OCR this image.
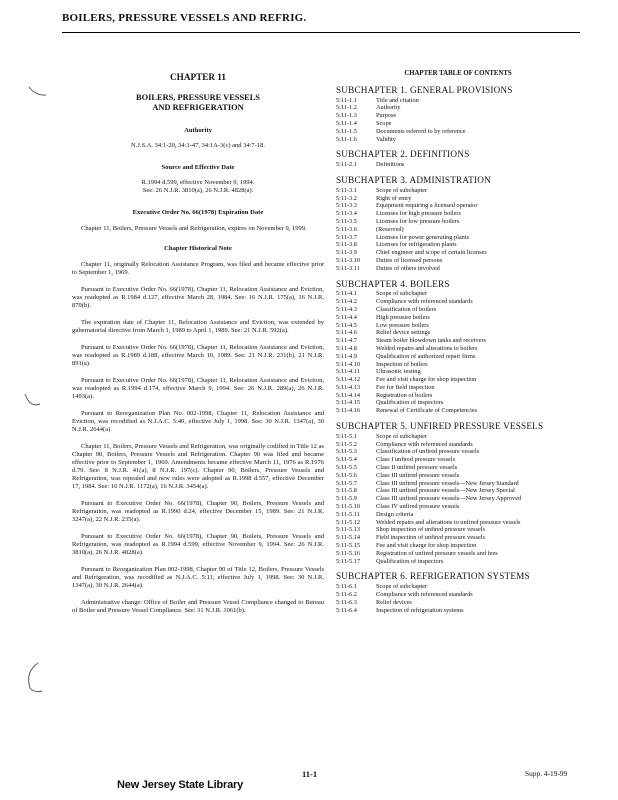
BOILERS, PRESSURE VESSELS AND REFRIG.
CHAPTER 11
BOILERS, PRESSURE VESSELS
AND REFRIGERATION
Authority
N.J.S.A. 34:1-20, 34:1-47, 34:1A-3(c) and 34:7-18.
Source and Effective Date
R.1994 d.599, effective November 9, 1994.
See: 26 N.J.R. 3810(a), 26 N.J.R. 4828(a).
Executive Order No. 66(1978) Expiration Date

Chapter 11, Boilers, Pressure Vessels and Refrigeration, expires on November 9, 1999.

Chapter Historical Note

Chapter 11, originally Relocation Assistance Program, was filed and became effective prior to September 1, 1969.

Pursuant to Executive Order No. 66(1978), Chapter 11, Relocation Assistance and Eviction, was readopted as R.1984 d.127, effective March 28, 1984. See: 16 N.J.R. 175(a), 16 N.J.R. 870(b).

The expiration date of Chapter 11, Relocation Assistance and Eviction, was extended by gubernatorial directive from March 1, 1989 to April 1, 1989. See: 21 N.J.R. 592(a).

Pursuant to Executive Order No. 66(1978), Chapter 11, Relocation Assistance and Eviction, was readopted as R.1989 d.188, effective March 10, 1989. See: 21 N.J.R. 231(b), 21 N.J.R. 891(a).

Pursuant to Executive Order No. 66(1978), Chapter 11, Relocation Assistance and Eviction, was readopted as R.1994 d.174, effective March 9, 1994. See: 26 N.J.R. 289(a), 26 N.J.R. 1493(a).

Pursuant to Reorganization Plan No. 002-1998, Chapter 11, Relocation Assistance and Eviction, was recodified as N.J.A.C. 5:40, effective July 1, 1998. See: 30 N.J.R. 1347(a), 30 N.J.R. 2644(a).

Chapter 11, Boilers, Pressure Vessels and Refrigeration, was originally codified in Title 12 as Chapter 90, Boilers, Pressure Vessels and Refrigeration. Chapter 90 was filed and became effective prior to September 1, 1969. Amendments became effective March 11, 1976 as R.1976 d.79. See: 8 N.J.R. 41(a), 8 N.J.R. 197(c). Chapter 90, Boilers, Pressure Vessels and Refrigeration, was repealed and new rules were adopted as R.1998 d.557, effective December 17, 1984. See: 16 N.J.R. 1172(a), 16 N.J.R. 3454(a).

Pursuant to Executive Order No. 66(1978), Chapter 90, Boilers, Pressure Vessels and Refrigeration, was readopted as R.1990 d.24, effective December 15, 1989. See: 21 N.J.R. 3247(a), 22 N.J.R. 235(a).

Pursuant to Executive Order No. 66(1978), Chapter 90, Boilers, Pressure Vessels and Refrigeration, was readopted as R.1994 d.599, effective November 9, 1994. See: 26 N.J.R. 3810(a), 26 N.J.R. 4828(a).

Pursuant to Reorganization Plan 002-1998, Chapter 90 of Title 12, Boilers, Pressure Vessels and Refrigeration, was recodified as N.J.A.C. 5:11, effective July 1, 1998. See: 30 N.J.R. 1347(a), 30 N.J.R. 2644(a).

Administrative change: Office of Boiler and Pressure Vessel Compliance changed to Bureau of Boiler and Pressure Vessel Compliance. See: 31 N.J.R. 1061(b).

CHAPTER TABLE OF CONTENTS
SUBCHAPTER 1. GENERAL PROVISIONS
5:11-1.1	Title and citation
5:11-1.2	Authority
5:11-1.3	Purpose
5:11-1.4	Scope
5:11-1.5	Documents referred to by reference
5:11-1.6	Validity
SUBCHAPTER 2. DEFINITIONS
5:11-2.1	Definitions
SUBCHAPTER 3. ADMINISTRATION
5:11-3.1	Scope of subchapter
5:11-3.2	Right of entry
5:11-3.3	Equipment requiring a licensed operator
5:11-3.4	Licenses for high pressure boilers
5:11-3.5	Licenses for low pressure boilers
5:11-3.6	(Reserved)
5:11-3.7	Licenses for power generating plants
5:11-3.8	Licenses for refrigeration plants
5:11-3.9	Chief engineer and scope of certain licenses
5:11-3.10	Duties of licensed persons
5:11-3.11	Duties of others involved
SUBCHAPTER 4. BOILERS
5:11-4.1	Scope of subchapter
5:11-4.2	Compliance with referenced standards
5:11-4.3	Classification of boilers
5:11-4.4	High pressure boilers
5:11-4.5	Low pressure boilers
5:11-4.6	Relief device settings
5:11-4.7	Steam boiler blowdown tanks and receivers
5:11-4.8	Welded repairs and alterations to boilers
5:11-4.9	Qualification of authorized repair firms
5:11-4.10	Inspection of boilers
5:11-4.11	Ultrasonic testing
5:11-4.12	Fee and visit charge for shop inspection
5:11-4.13	Fee for field inspection
5:11-4.14	Registration of boilers
5:11-4.15	Qualification of inspectors
5:11-4.16	Renewal of Certificate of Competencies
SUBCHAPTER 5. UNFIRED PRESSURE VESSELS
5:11-5.1	Scope of subchapter
5:11-5.2	Compliance with referenced standards
5:11-5.3	Classification of unfired pressure vessels
5:11-5.4	Class I unfired pressure vessels
5:11-5.5	Class II unfired pressure vessels
5:11-5.6	Class III unfired pressure vessels
5:11-5.7	Class III unfired pressure vessels—New Jersey Standard
5:11-5.8	Class III unfired pressure vessels—New Jersey Special
5:11-5.9	Class III unfired pressure vessels—New Jersey Approved
5:11-5.10	Class IV unfired pressure vessels
5:11-5.11	Design criteria
5:11-5.12	Welded repairs and alterations to unfired pressure vessels
5:11-5.13	Shop inspection of unfired pressure vessels
5:11-5.14	Field inspection of unfired pressure vessels
5:11-5.15	Fee and visit charge for shop inspection
5:11-5.16	Registration of unfired pressure vessels and fees
5:11-5.17	Qualification of inspectors
SUBCHAPTER 6. REFRIGERATION SYSTEMS
5:11-6.1	Scope of subchapter
5:11-6.2	Compliance with referenced standards
5:11-6.3	Relief devices
5:11-6.4	Inspection of refrigeration systems
11-1	Supp. 4-19-99
New Jersey State Library
